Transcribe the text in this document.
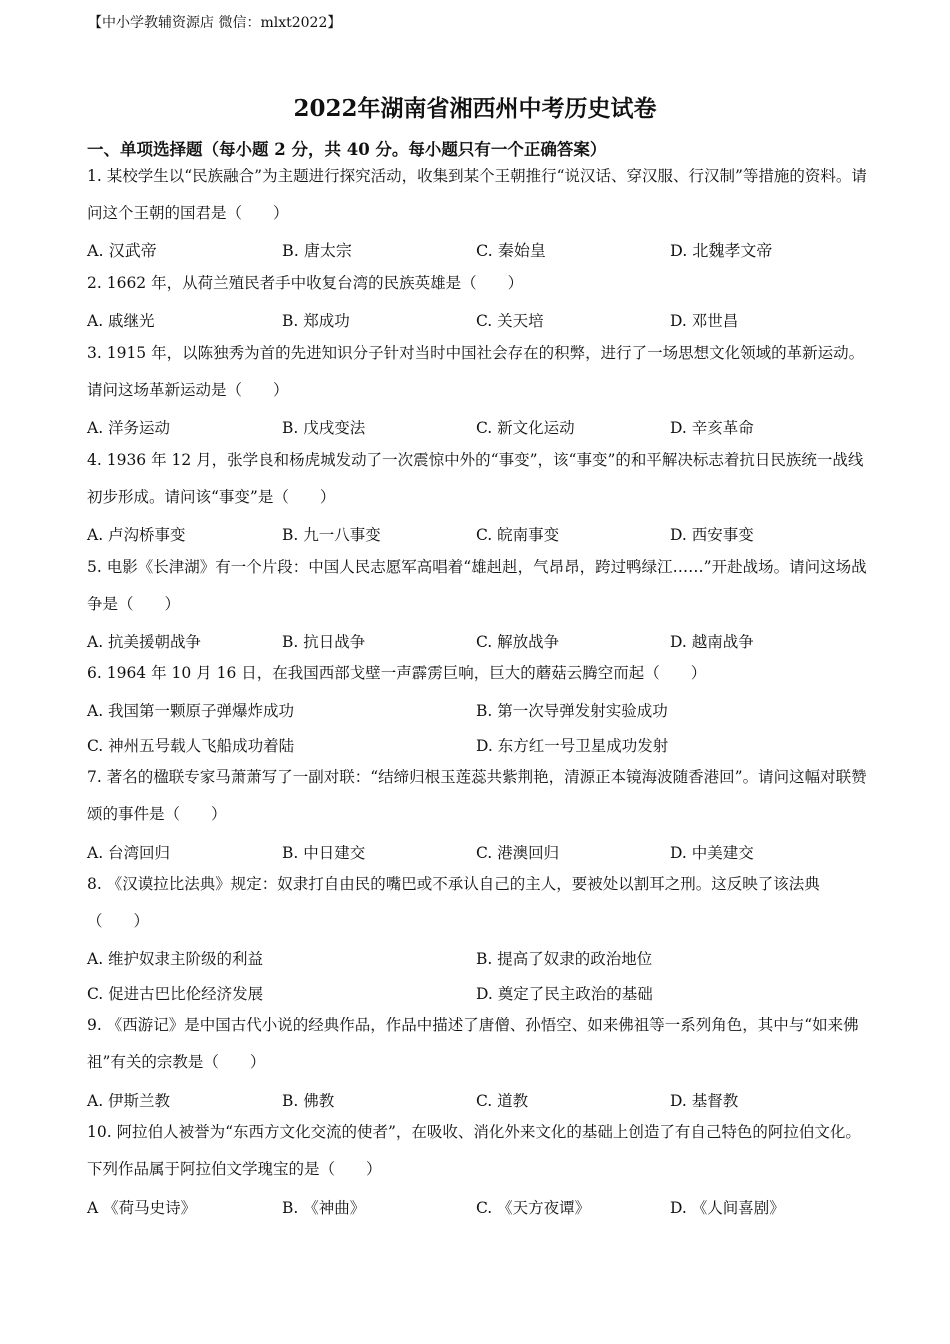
【中小学教辅资源店 微信：mlxt2022】
2022年湖南省湘西州中考历史试卷
一、单项选择题（每小题 2 分，共 40 分。每小题只有一个正确答案）
1. 某校学生以“民族融合”为主题进行探究活动，收集到某个王朝推行“说汉话、穿汉服、行汉制”等措施的资料。请问这个王朝的国君是（　　）
A. 汉武帝	B. 唐太宗	C. 秦始皇	D. 北魏孝文帝
2. 1662 年，从荷兰殖民者手中收复台湾的民族英雄是（　　）
A. 戚继光	B. 郑成功	C. 关天培	D. 邓世昌
3. 1915 年，以陈独秀为首的先进知识分子针对当时中国社会存在的积弊，进行了一场思想文化领域的革新运动。请问这场革新运动是（　　）
A. 洋务运动	B. 戊戌变法	C. 新文化运动	D. 辛亥革命
4. 1936 年 12 月，张学良和杨虎城发动了一次震惊中外的“事变”，该“事变”的和平解决标志着抗日民族统一战线初步形成。请问该“事变”是（　　）
A. 卢沟桥事变	B. 九一八事变	C. 皖南事变	D. 西安事变
5. 电影《长津湖》有一个片段：中国人民志愿军高唱着“雄赳赳，气昂昂，跨过鸭绿江……”开赴战场。请问这场战争是（　　）
A. 抗美援朝战争	B. 抗日战争	C. 解放战争	D. 越南战争
6. 1964 年 10 月 16 日，在我国西部戈壁一声霹雳巨响，巨大的蘑菇云腾空而起（　　）
A. 我国第一颗原子弹爆炸成功	B. 第一次导弹发射实验成功
C. 神州五号载人飞船成功着陆	D. 东方红一号卫星成功发射
7. 著名的楹联专家马萧萧写了一副对联：“结缔归根玉莲蕊共紫荆艳，清源正本镜海波随香港回”。请问这幅对联赞颂的事件是（　　）
A. 台湾回归	B. 中日建交	C. 港澳回归	D. 中美建交
8. 《汉谟拉比法典》规定：奴隶打自由民的嘴巴或不承认自己的主人，要被处以割耳之刑。这反映了该法典（　　）
A. 维护奴隶主阶级的利益	B. 提高了奴隶的政治地位
C. 促进古巴比伦经济发展	D. 奠定了民主政治的基础
9. 《西游记》是中国古代小说的经典作品，作品中描述了唐僧、孙悟空、如来佛祖等一系列角色，其中与“如来佛祖”有关的宗教是（　　）
A. 伊斯兰教	B. 佛教	C. 道教	D. 基督教
10. 阿拉伯人被誉为“东西方文化交流的使者”，在吸收、消化外来文化的基础上创造了有自己特色的阿拉伯文化。下列作品属于阿拉伯文学瑰宝的是（　　）
A 《荷马史诗》	B. 《神曲》	C. 《天方夜谭》	D. 《人间喜剧》
